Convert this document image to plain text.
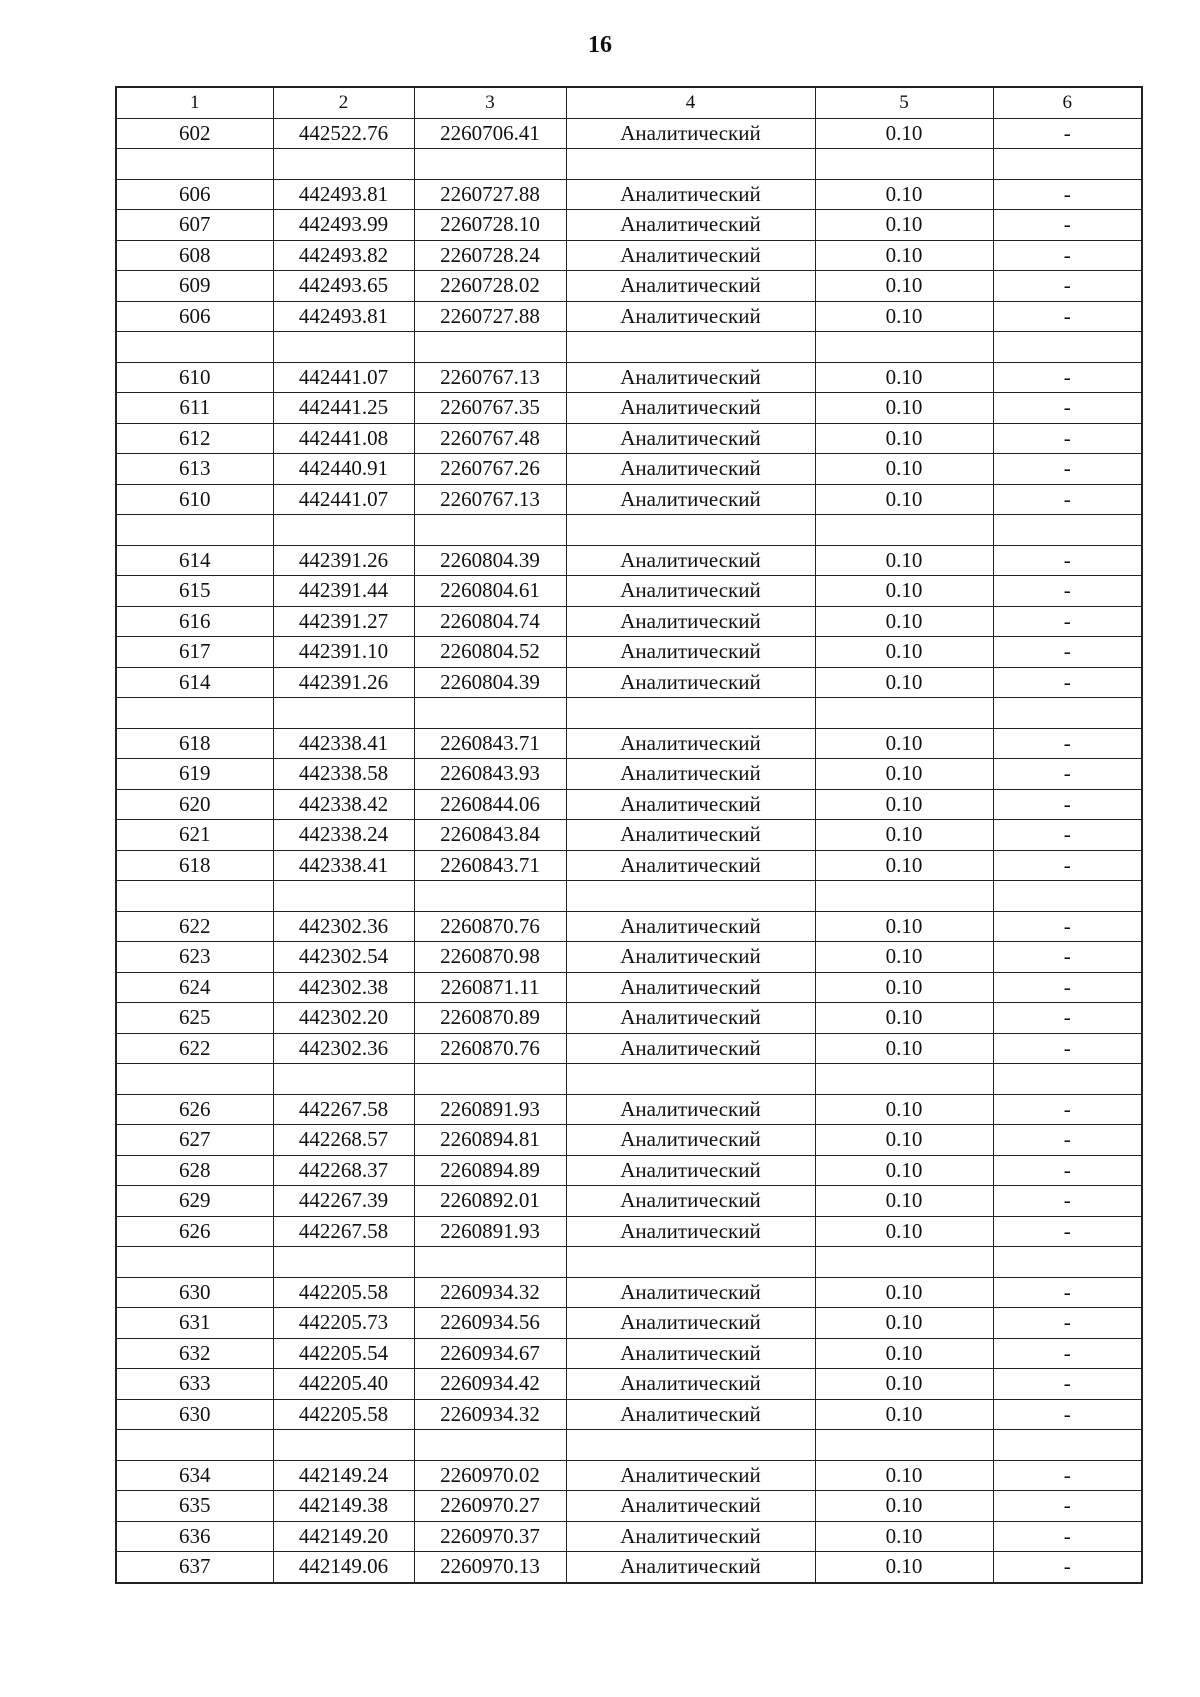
16
1	2	3	4	5	6
602	442522.76	2260706.41	Аналитический	0.10	-

606	442493.81	2260727.88	Аналитический	0.10	-
607	442493.99	2260728.10	Аналитический	0.10	-
608	442493.82	2260728.24	Аналитический	0.10	-
609	442493.65	2260728.02	Аналитический	0.10	-
606	442493.81	2260727.88	Аналитический	0.10	-

610	442441.07	2260767.13	Аналитический	0.10	-
611	442441.25	2260767.35	Аналитический	0.10	-
612	442441.08	2260767.48	Аналитический	0.10	-
613	442440.91	2260767.26	Аналитический	0.10	-
610	442441.07	2260767.13	Аналитический	0.10	-

614	442391.26	2260804.39	Аналитический	0.10	-
615	442391.44	2260804.61	Аналитический	0.10	-
616	442391.27	2260804.74	Аналитический	0.10	-
617	442391.10	2260804.52	Аналитический	0.10	-
614	442391.26	2260804.39	Аналитический	0.10	-

618	442338.41	2260843.71	Аналитический	0.10	-
619	442338.58	2260843.93	Аналитический	0.10	-
620	442338.42	2260844.06	Аналитический	0.10	-
621	442338.24	2260843.84	Аналитический	0.10	-
618	442338.41	2260843.71	Аналитический	0.10	-

622	442302.36	2260870.76	Аналитический	0.10	-
623	442302.54	2260870.98	Аналитический	0.10	-
624	442302.38	2260871.11	Аналитический	0.10	-
625	442302.20	2260870.89	Аналитический	0.10	-
622	442302.36	2260870.76	Аналитический	0.10	-

626	442267.58	2260891.93	Аналитический	0.10	-
627	442268.57	2260894.81	Аналитический	0.10	-
628	442268.37	2260894.89	Аналитический	0.10	-
629	442267.39	2260892.01	Аналитический	0.10	-
626	442267.58	2260891.93	Аналитический	0.10	-

630	442205.58	2260934.32	Аналитический	0.10	-
631	442205.73	2260934.56	Аналитический	0.10	-
632	442205.54	2260934.67	Аналитический	0.10	-
633	442205.40	2260934.42	Аналитический	0.10	-
630	442205.58	2260934.32	Аналитический	0.10	-

634	442149.24	2260970.02	Аналитический	0.10	-
635	442149.38	2260970.27	Аналитический	0.10	-
636	442149.20	2260970.37	Аналитический	0.10	-
637	442149.06	2260970.13	Аналитический	0.10	-
